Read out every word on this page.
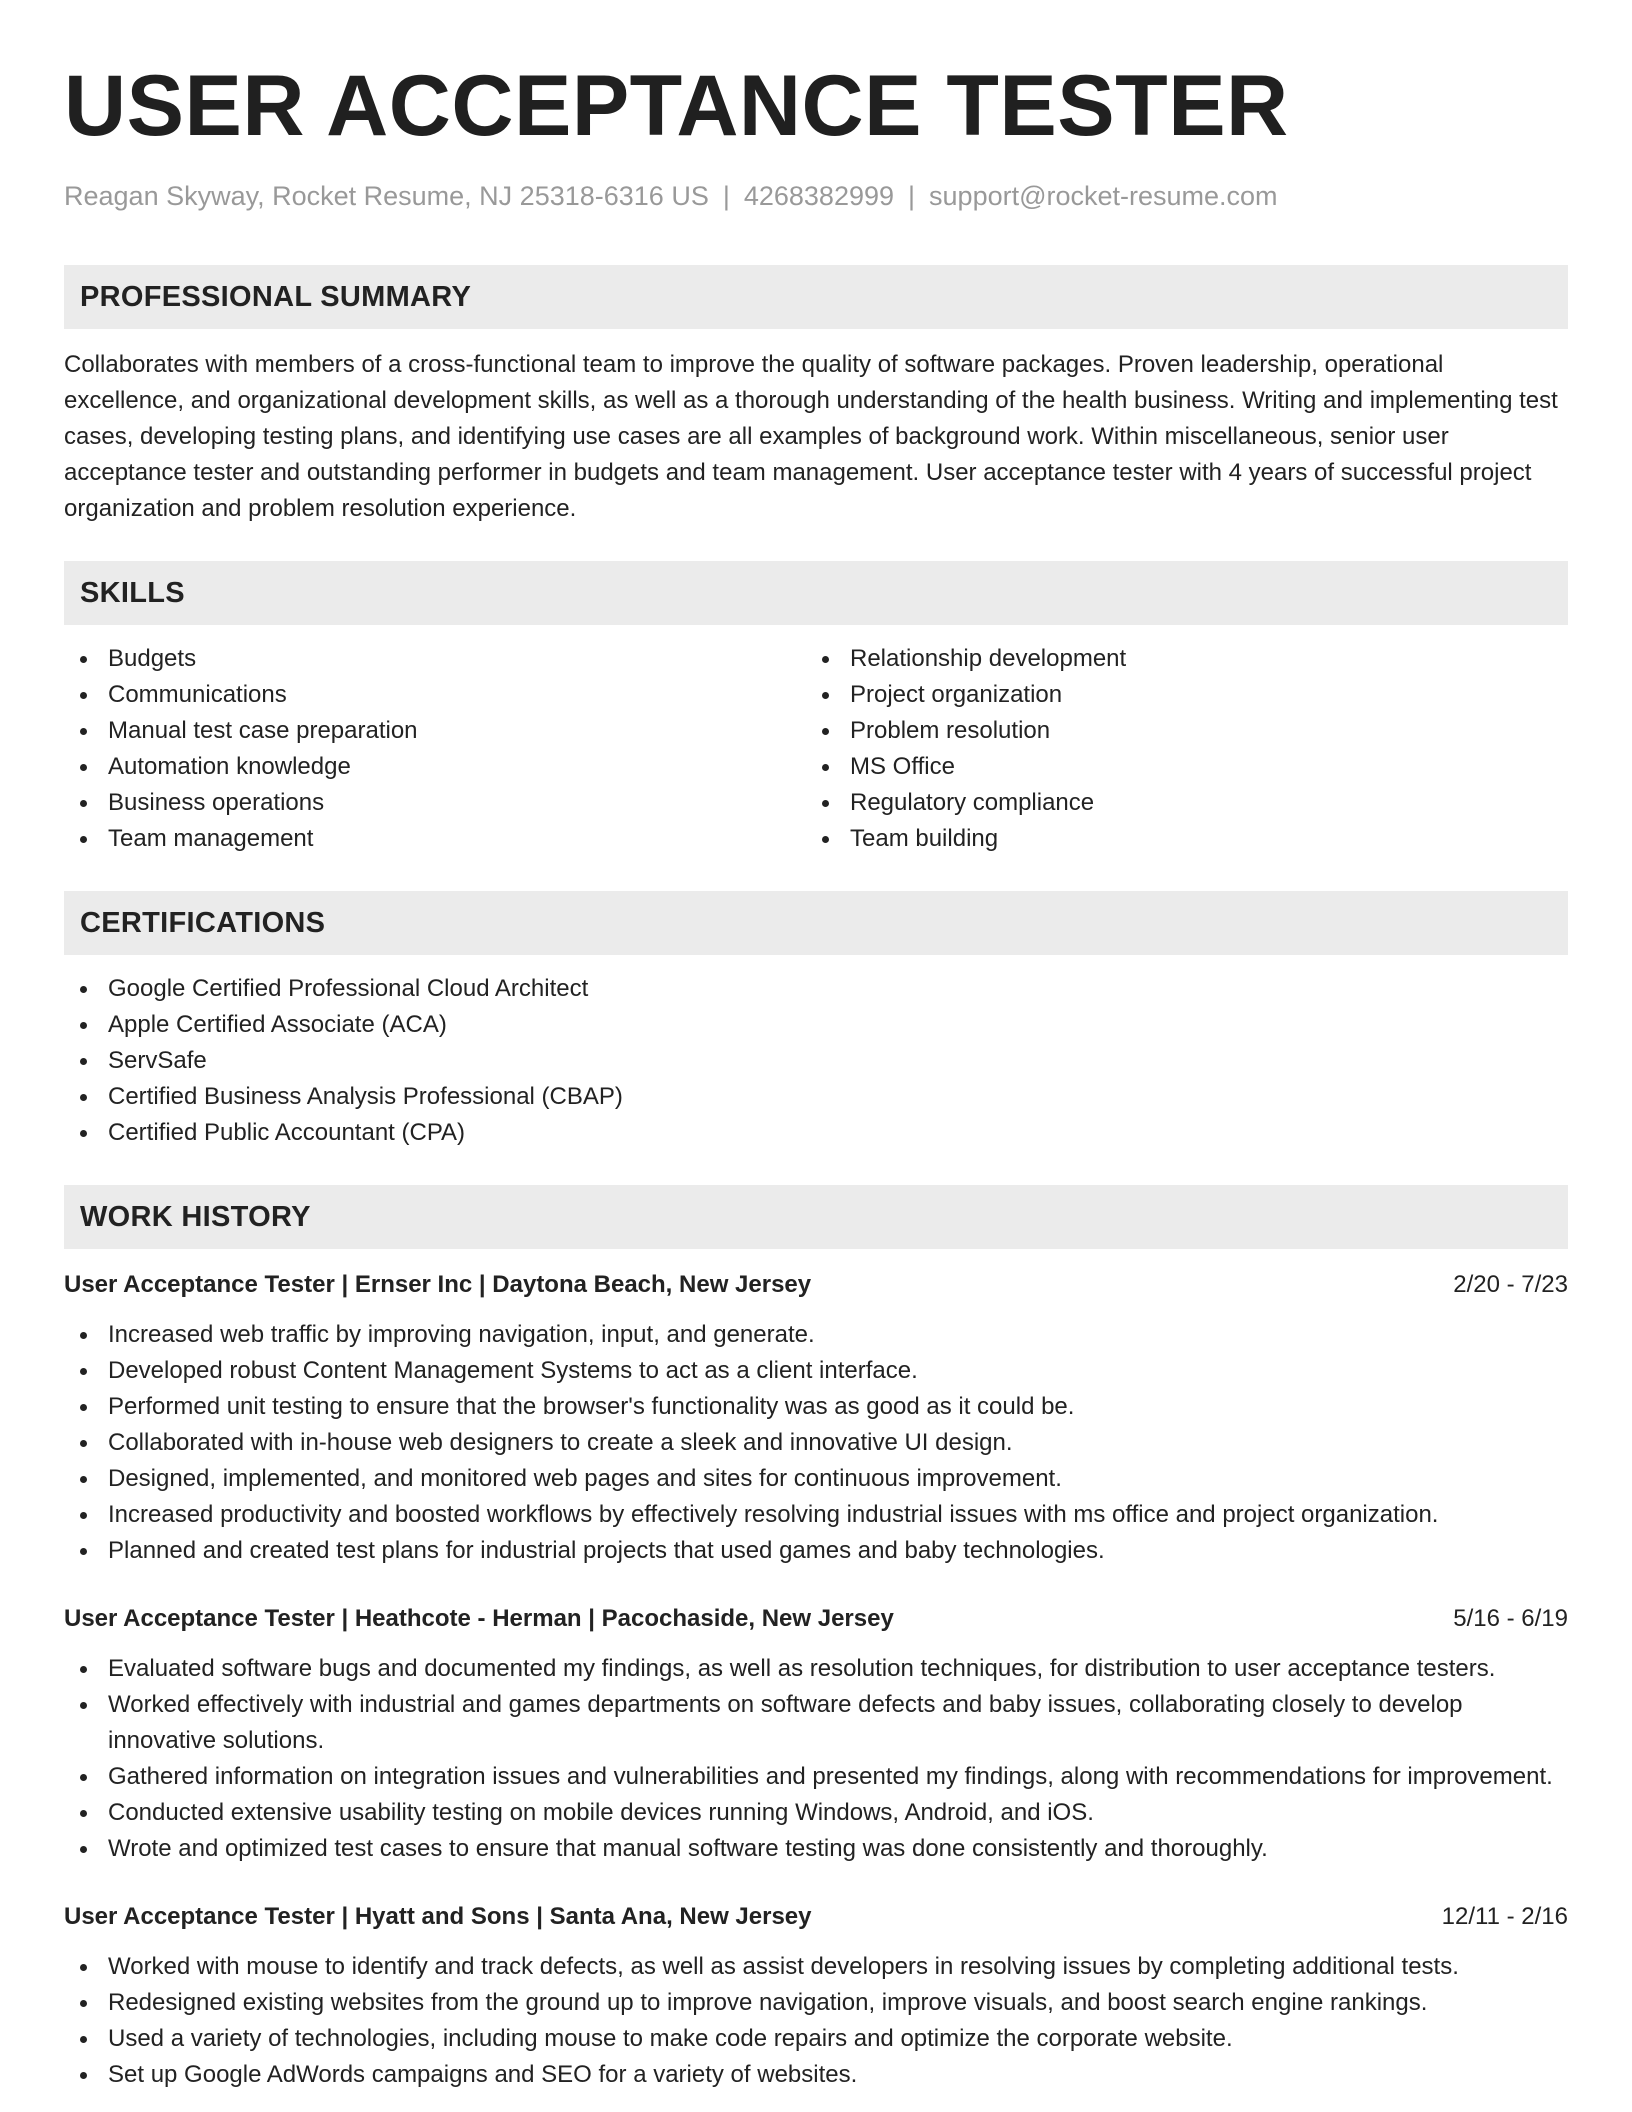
USER ACCEPTANCE TESTER
Reagan Skyway, Rocket Resume, NJ 25318-6316 US | 4268382999 | support@rocket-resume.com
PROFESSIONAL SUMMARY
Collaborates with members of a cross-functional team to improve the quality of software packages. Proven leadership, operational excellence, and organizational development skills, as well as a thorough understanding of the health business. Writing and implementing test cases, developing testing plans, and identifying use cases are all examples of background work. Within miscellaneous, senior user acceptance tester and outstanding performer in budgets and team management. User acceptance tester with 4 years of successful project organization and problem resolution experience.
SKILLS
Budgets
Communications
Manual test case preparation
Automation knowledge
Business operations
Team management
Relationship development
Project organization
Problem resolution
MS Office
Regulatory compliance
Team building
CERTIFICATIONS
Google Certified Professional Cloud Architect
Apple Certified Associate (ACA)
ServSafe
Certified Business Analysis Professional (CBAP)
Certified Public Accountant (CPA)
WORK HISTORY
User Acceptance Tester | Ernser Inc | Daytona Beach, New Jersey	2/20 - 7/23
Increased web traffic by improving navigation, input, and generate.
Developed robust Content Management Systems to act as a client interface.
Performed unit testing to ensure that the browser's functionality was as good as it could be.
Collaborated with in-house web designers to create a sleek and innovative UI design.
Designed, implemented, and monitored web pages and sites for continuous improvement.
Increased productivity and boosted workflows by effectively resolving industrial issues with ms office and project organization.
Planned and created test plans for industrial projects that used games and baby technologies.
User Acceptance Tester | Heathcote - Herman | Pacochaside, New Jersey	5/16 - 6/19
Evaluated software bugs and documented my findings, as well as resolution techniques, for distribution to user acceptance testers.
Worked effectively with industrial and games departments on software defects and baby issues, collaborating closely to develop innovative solutions.
Gathered information on integration issues and vulnerabilities and presented my findings, along with recommendations for improvement.
Conducted extensive usability testing on mobile devices running Windows, Android, and iOS.
Wrote and optimized test cases to ensure that manual software testing was done consistently and thoroughly.
User Acceptance Tester | Hyatt and Sons | Santa Ana, New Jersey	12/11 - 2/16
Worked with mouse to identify and track defects, as well as assist developers in resolving issues by completing additional tests.
Redesigned existing websites from the ground up to improve navigation, improve visuals, and boost search engine rankings.
Used a variety of technologies, including mouse to make code repairs and optimize the corporate website.
Set up Google AdWords campaigns and SEO for a variety of websites.
